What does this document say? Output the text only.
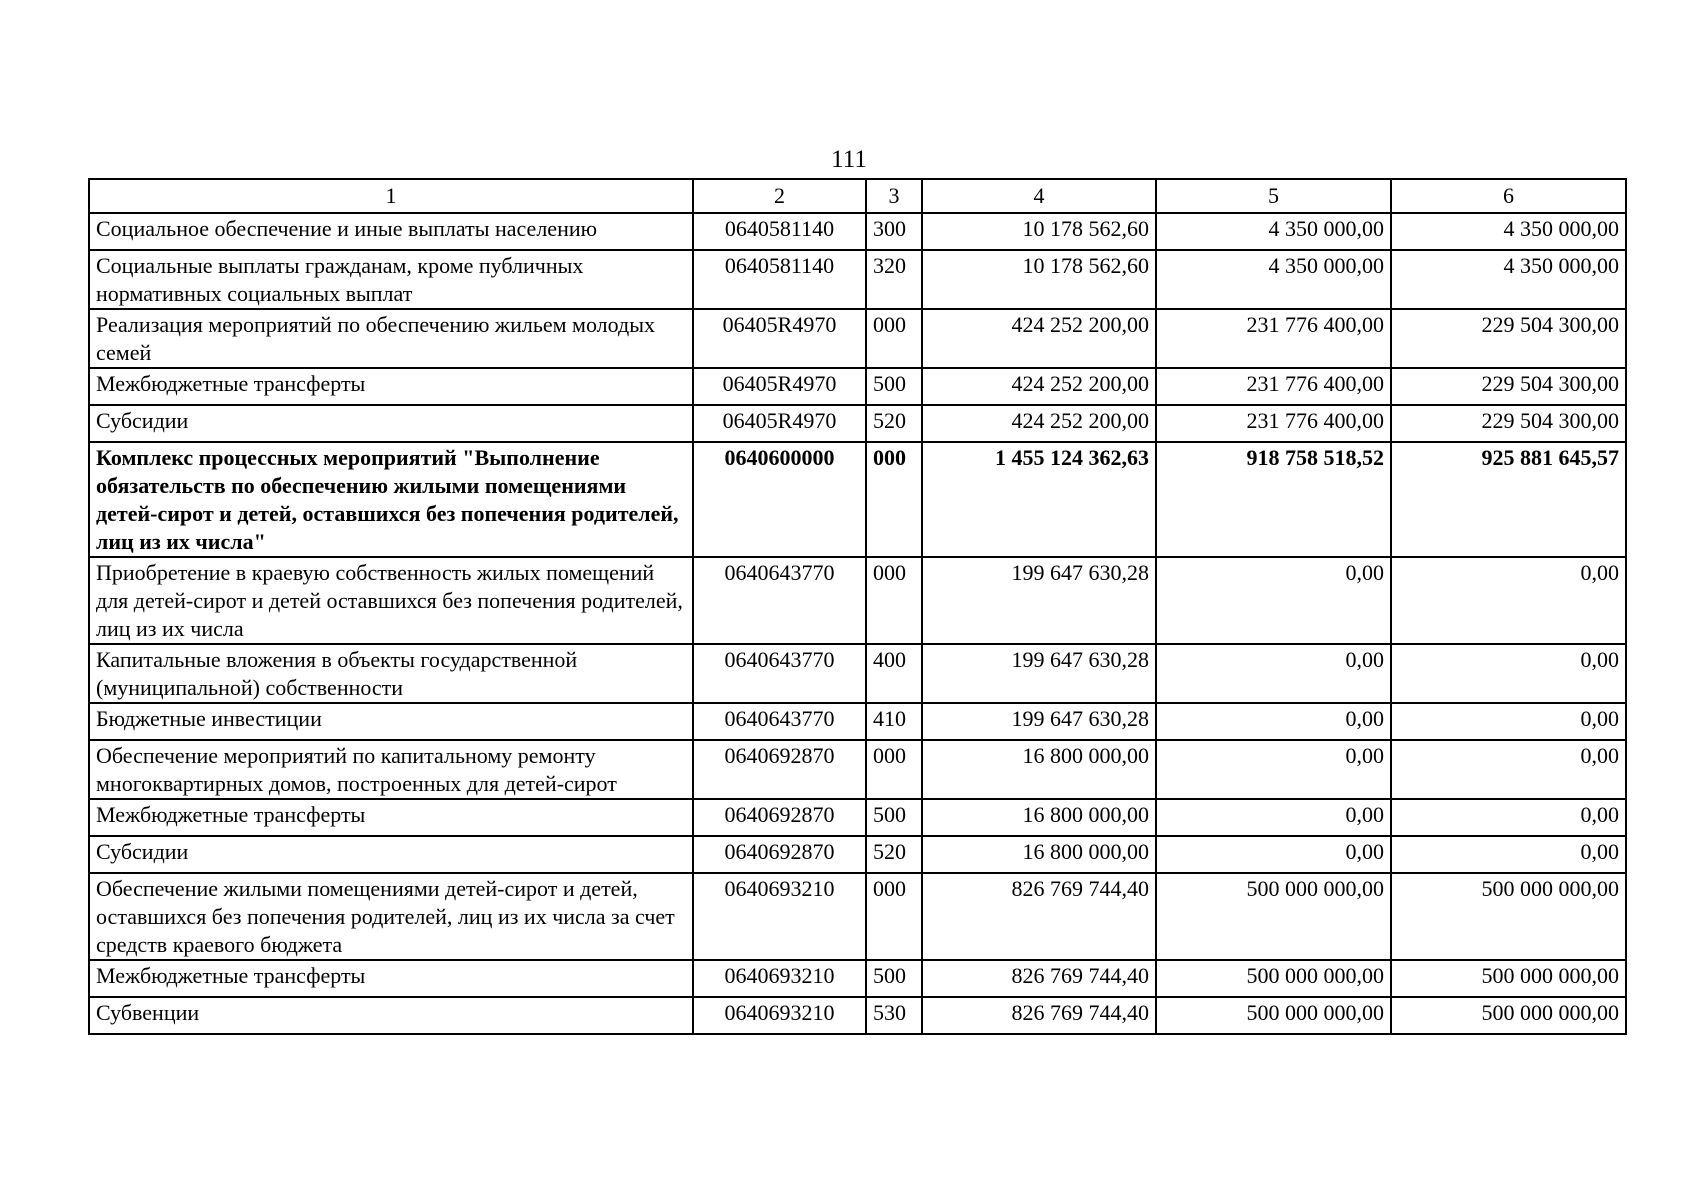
111
1	2	3	4	5	6
Социальное обеспечение и иные выплаты населению	0640581140	300	10 178 562,60	4 350 000,00	4 350 000,00
Социальные выплаты гражданам, кроме публичных нормативных социальных выплат	0640581140	320	10 178 562,60	4 350 000,00	4 350 000,00
Реализация мероприятий по обеспечению жильем молодых семей	06405R4970	000	424 252 200,00	231 776 400,00	229 504 300,00
Межбюджетные трансферты	06405R4970	500	424 252 200,00	231 776 400,00	229 504 300,00
Субсидии	06405R4970	520	424 252 200,00	231 776 400,00	229 504 300,00
Комплекс процессных мероприятий "Выполнение обязательств по обеспечению жилыми помещениями детей-сирот и детей, оставшихся без попечения родителей, лиц из их числа"	0640600000	000	1 455 124 362,63	918 758 518,52	925 881 645,57
Приобретение в краевую собственность жилых помещений для детей-сирот и детей оставшихся без попечения родителей, лиц из их числа	0640643770	000	199 647 630,28	0,00	0,00
Капитальные вложения в объекты государственной (муниципальной) собственности	0640643770	400	199 647 630,28	0,00	0,00
Бюджетные инвестиции	0640643770	410	199 647 630,28	0,00	0,00
Обеспечение мероприятий по капитальному ремонту многоквартирных домов, построенных для детей-сирот	0640692870	000	16 800 000,00	0,00	0,00
Межбюджетные трансферты	0640692870	500	16 800 000,00	0,00	0,00
Субсидии	0640692870	520	16 800 000,00	0,00	0,00
Обеспечение жилыми помещениями детей-сирот и детей, оставшихся без попечения родителей, лиц из их числа за счет средств краевого бюджета	0640693210	000	826 769 744,40	500 000 000,00	500 000 000,00
Межбюджетные трансферты	0640693210	500	826 769 744,40	500 000 000,00	500 000 000,00
Субвенции	0640693210	530	826 769 744,40	500 000 000,00	500 000 000,00
